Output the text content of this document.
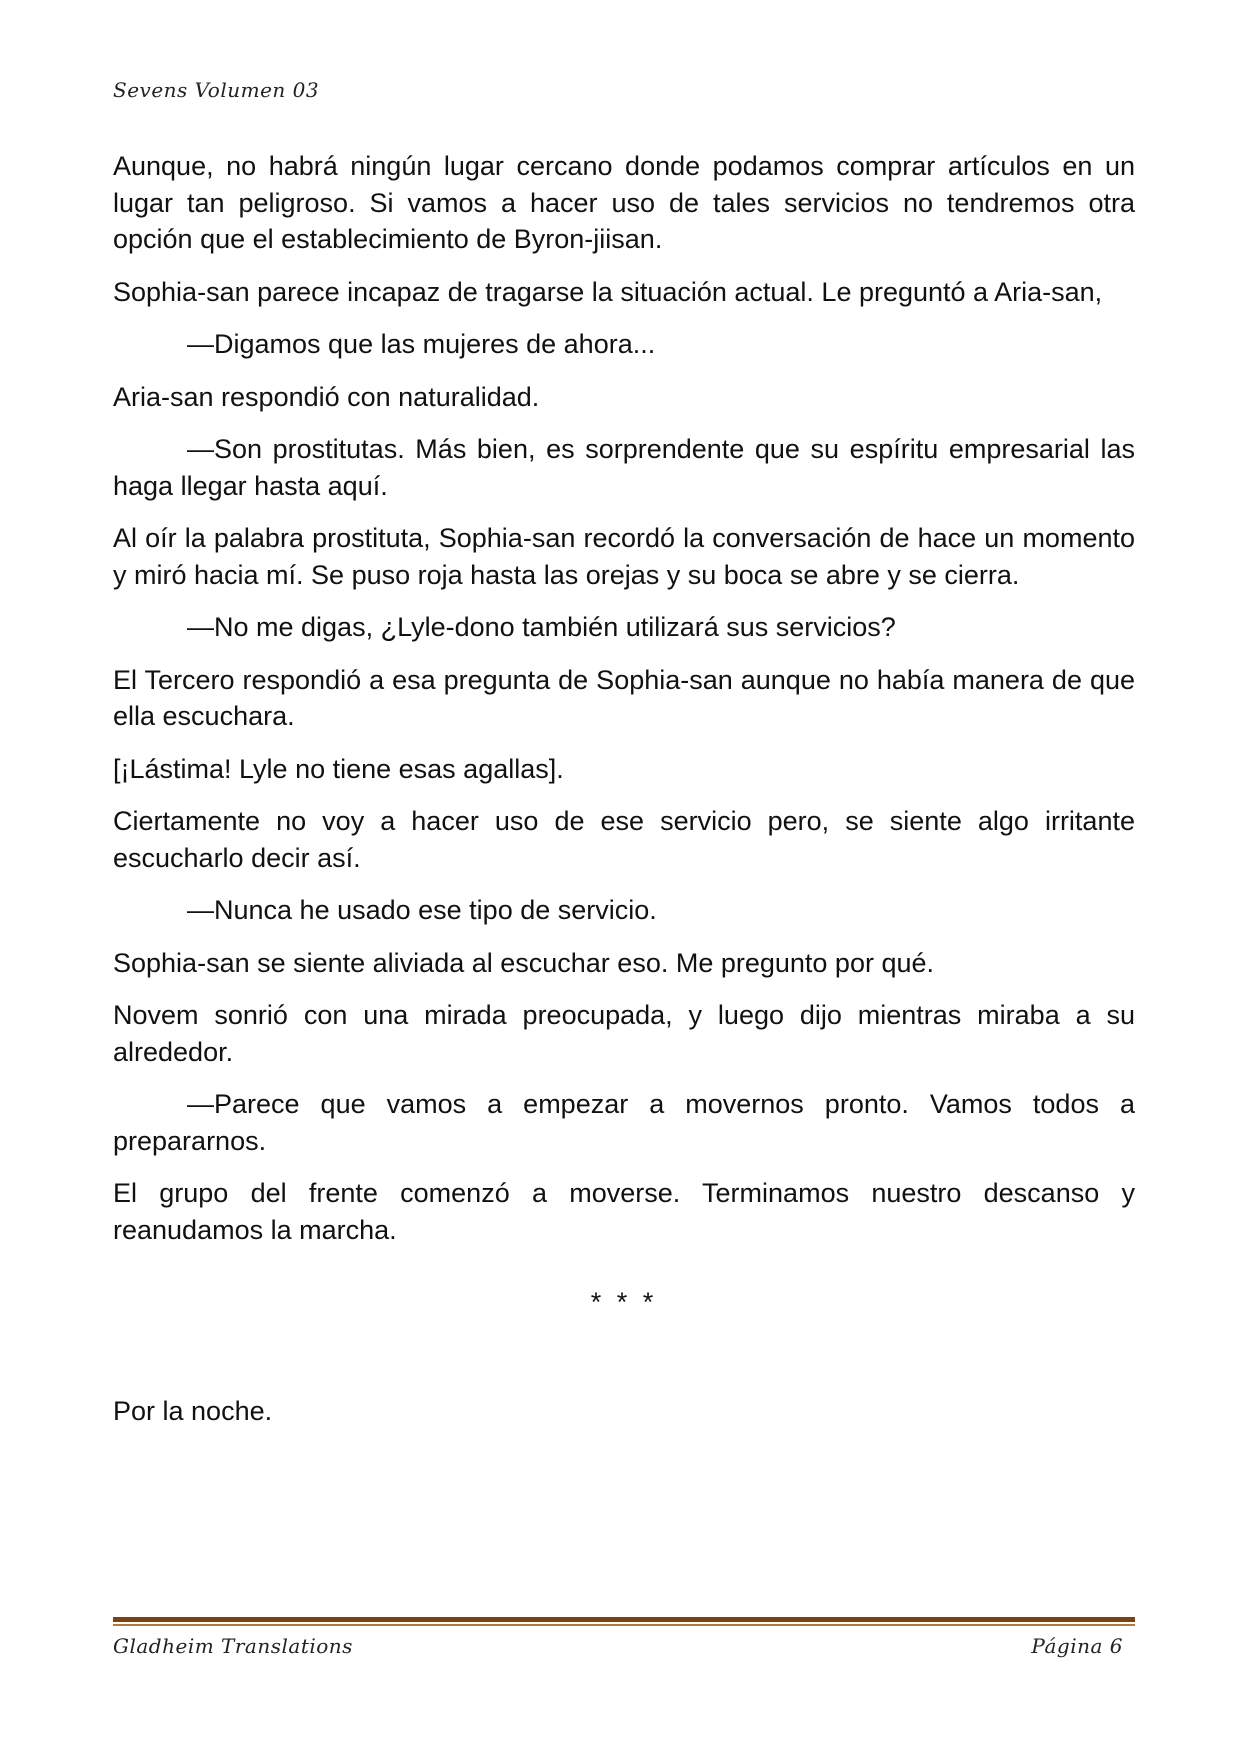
Sevens Volumen 03

Aunque, no habrá ningún lugar cercano donde podamos comprar artículos en un lugar tan peligroso. Si vamos a hacer uso de tales servicios no tendremos otra opción que el establecimiento de Byron-jiisan.

Sophia-san parece incapaz de tragarse la situación actual. Le preguntó a Aria-san,

—Digamos que las mujeres de ahora...

Aria-san respondió con naturalidad.

—Son prostitutas. Más bien, es sorprendente que su espíritu empresarial las haga llegar hasta aquí.

Al oír la palabra prostituta, Sophia-san recordó la conversación de hace un momento y miró hacia mí. Se puso roja hasta las orejas y su boca se abre y se cierra.

—No me digas, ¿Lyle-dono también utilizará sus servicios?

El Tercero respondió a esa pregunta de Sophia-san aunque no había manera de que ella escuchara.

[¡Lástima! Lyle no tiene esas agallas].

Ciertamente no voy a hacer uso de ese servicio pero, se siente algo irritante escucharlo decir así.

—Nunca he usado ese tipo de servicio.

Sophia-san se siente aliviada al escuchar eso. Me pregunto por qué.

Novem sonrió con una mirada preocupada, y luego dijo mientras miraba a su alrededor.

—Parece que vamos a empezar a movernos pronto. Vamos todos a prepararnos.

El grupo del frente comenzó a moverse. Terminamos nuestro descanso y reanudamos la marcha.

* * *

Por la noche.

Gladheim Translations	Página 6
